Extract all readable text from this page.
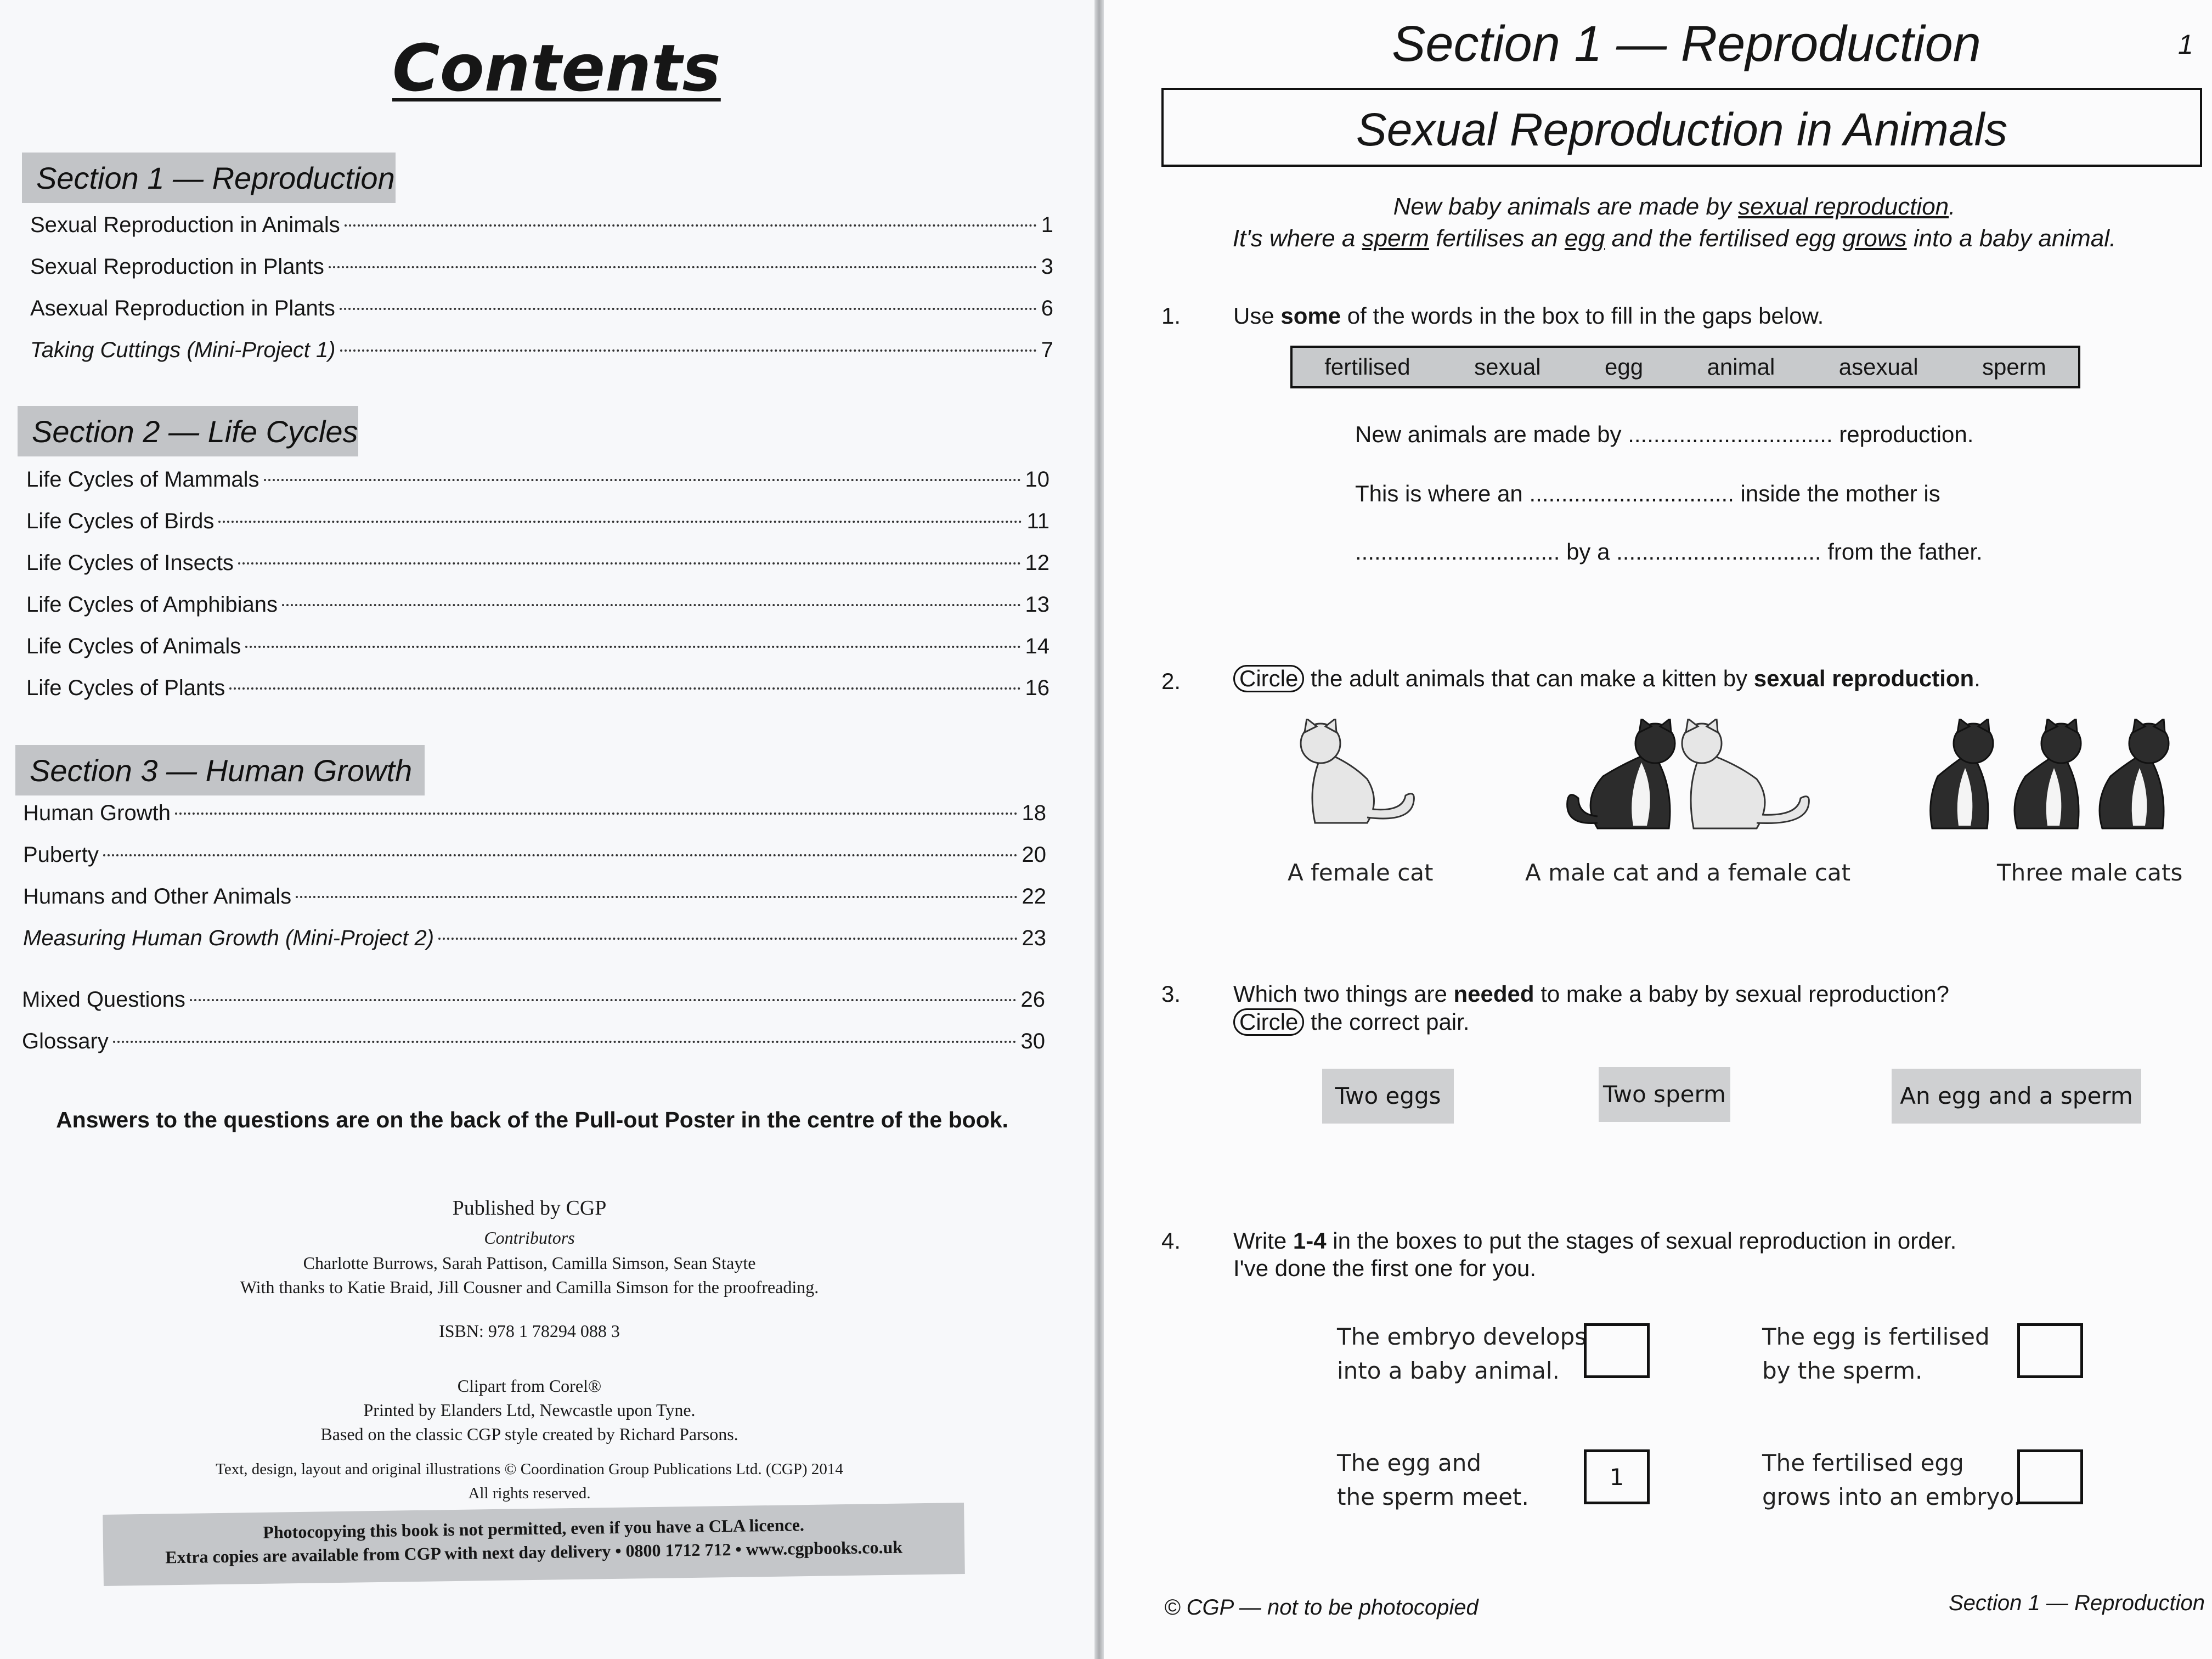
Contents
Section 1 — Reproduction
Sexual Reproduction in Animals	1
Sexual Reproduction in Plants	3
Asexual Reproduction in Plants	6
Taking Cuttings (Mini-Project 1)	7
Section 2 — Life Cycles
Life Cycles of Mammals	10
Life Cycles of Birds	11
Life Cycles of Insects	12
Life Cycles of Amphibians	13
Life Cycles of Animals	14
Life Cycles of Plants	16
Section 3 — Human Growth
Human Growth	18
Puberty	20
Humans and Other Animals	22
Measuring Human Growth (Mini-Project 2)	23
Mixed Questions	26
Glossary	30
Answers to the questions are on the back of the Pull-out Poster in the centre of the book.
Published by CGP
Contributors
Charlotte Burrows, Sarah Pattison, Camilla Simson, Sean Stayte
With thanks to Katie Braid, Jill Cousner and Camilla Simson for the proofreading.
ISBN: 978 1 78294 088 3
Clipart from Corel®
Printed by Elanders Ltd, Newcastle upon Tyne.
Based on the classic CGP style created by Richard Parsons.
Text, design, layout and original illustrations © Coordination Group Publications Ltd. (CGP) 2014
All rights reserved.
Photocopying this book is not permitted, even if you have a CLA licence.
Extra copies are available from CGP with next day delivery • 0800 1712 712 • www.cgpbooks.co.uk
Section 1 — Reproduction	1
Sexual Reproduction in Animals
New baby animals are made by sexual reproduction.
It's where a sperm fertilises an egg and the fertilised egg grows into a baby animal.
1. Use some of the words in the box to fill in the gaps below.
fertilised	sexual	egg	animal	asexual	sperm
New animals are made by ................................ reproduction.
This is where an ................................ inside the mother is
................................ by a ................................ from the father.
2.	Circle the adult animals that can make a kitten by sexual reproduction.
A female cat	A male cat and a female cat	Three male cats
3. Which two things are needed to make a baby by sexual reproduction?
Circle the correct pair.
Two eggs	Two sperm	An egg and a sperm
4. Write 1-4 in the boxes to put the stages of sexual reproduction in order.
I've done the first one for you.
The embryo develops
into a baby animal.
The egg is fertilised
by the sperm.
The egg and
the sperm meet.
1
The fertilised egg
grows into an embryo.
© CGP — not to be photocopied	Section 1 — Reproduction
